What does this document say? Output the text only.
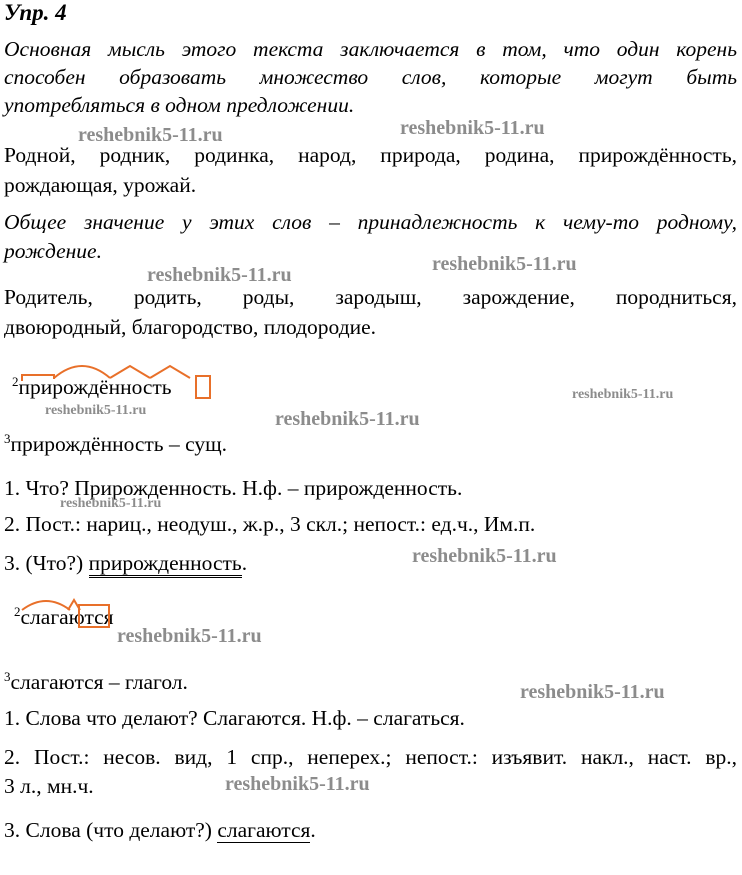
Упр. 4
Основная мысль этого текста заключается в том, что один корень
способен образовать множество слов, которые могут быть
употребляться в одном предложении.
Родной, родник, родинка, народ, природа, родина, прирождённость,
рождающая, урожай.
Общее значение у этих слов – принадлежность к чему-то родному,
рождение.
Родитель, родить, роды, зародыш, зарождение, породниться,
двоюродный, благородство, плодородие.
$^2$прирождённость
$^3$прирождённость – сущ.
1. Что? Прирожденность. Н.ф. – прирожденность.
2. Пост.: нариц., неодуш., ж.р., 3 скл.; непост.: ед.ч., Им.п.
3. (Что?) прирожденность.
$^2$слагаются
$^3$слагаются – глагол.
1. Слова что делают? Слагаются. Н.ф. – слагаться.
2. Пост.: несов. вид, 1 спр., неперех.; непост.: изъявит. накл., наст. вр.,
3 л., мн.ч.
3. Слова (что делают?) слагаются.
reshebnik5-11.ru	reshebnik5-11.ru
reshebnik5-11.ru	reshebnik5-11.ru
reshebnik5-11.ru
reshebnik5-11.ru	reshebnik5-11.ru
reshebnik5-11.ru
reshebnik5-11.ru
reshebnik5-11.ru
reshebnik5-11.ru
reshebnik5-11.ru
